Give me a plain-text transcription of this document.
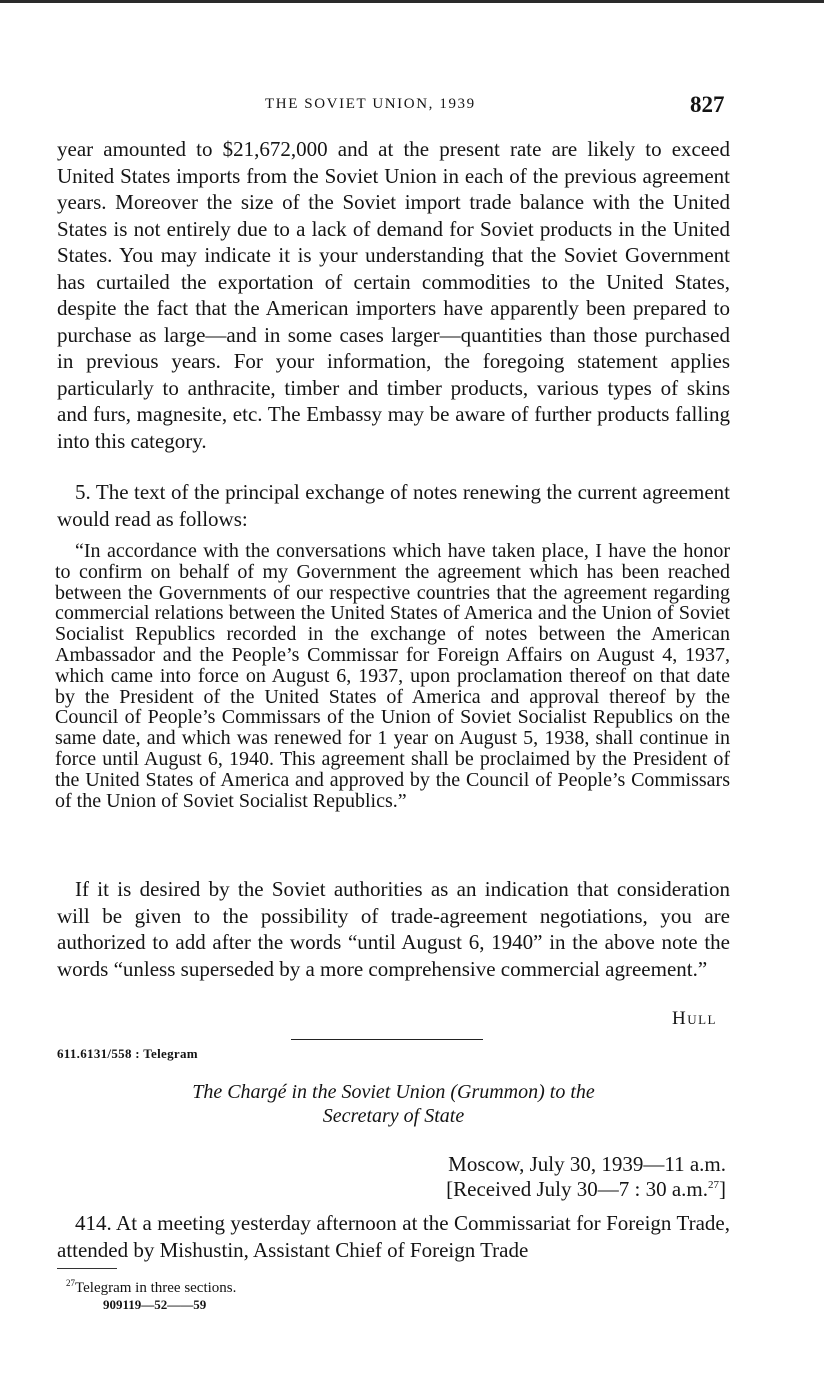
THE SOVIET UNION, 1939	827

year amounted to $21,672,000 and at the present rate are likely to exceed United States imports from the Soviet Union in each of the previous agreement years. Moreover the size of the Soviet import trade balance with the United States is not entirely due to a lack of demand for Soviet products in the United States. You may indicate it is your understanding that the Soviet Government has curtailed the exportation of certain commodities to the United States, despite the fact that the American importers have apparently been prepared to purchase as large—and in some cases larger—quantities than those purchased in previous years. For your information, the foregoing statement applies particularly to anthracite, timber and timber products, various types of skins and furs, magnesite, etc. The Embassy may be aware of further products falling into this category.

5. The text of the principal exchange of notes renewing the current agreement would read as follows:

“In accordance with the conversations which have taken place, I have the honor to confirm on behalf of my Government the agreement which has been reached between the Governments of our respective countries that the agreement regarding commercial relations between the United States of America and the Union of Soviet Socialist Republics recorded in the exchange of notes between the American Ambassador and the People’s Commissar for Foreign Affairs on August 4, 1937, which came into force on August 6, 1937, upon proclamation thereof on that date by the President of the United States of America and approval thereof by the Council of People’s Commissars of the Union of Soviet Socialist Republics on the same date, and which was renewed for 1 year on August 5, 1938, shall continue in force until August 6, 1940. This agreement shall be proclaimed by the President of the United States of America and approved by the Council of People’s Commissars of the Union of Soviet Socialist Republics.”

If it is desired by the Soviet authorities as an indication that consideration will be given to the possibility of trade-agreement negotiations, you are authorized to add after the words “until August 6, 1940” in the above note the words “unless superseded by a more comprehensive commercial agreement.”

Hull
611.6131/558 : Telegram
The Chargé in the Soviet Union (Grummon) to the
Secretary of State
Moscow, July 30, 1939—11 a.m.
[Received July 30—7 : 30 a.m.$^{27}$]

414. At a meeting yesterday afternoon at the Commissariat for Foreign Trade, attended by Mishustin, Assistant Chief of Foreign Trade

$^{27}$Telegram in three sections.
909119—52——59
